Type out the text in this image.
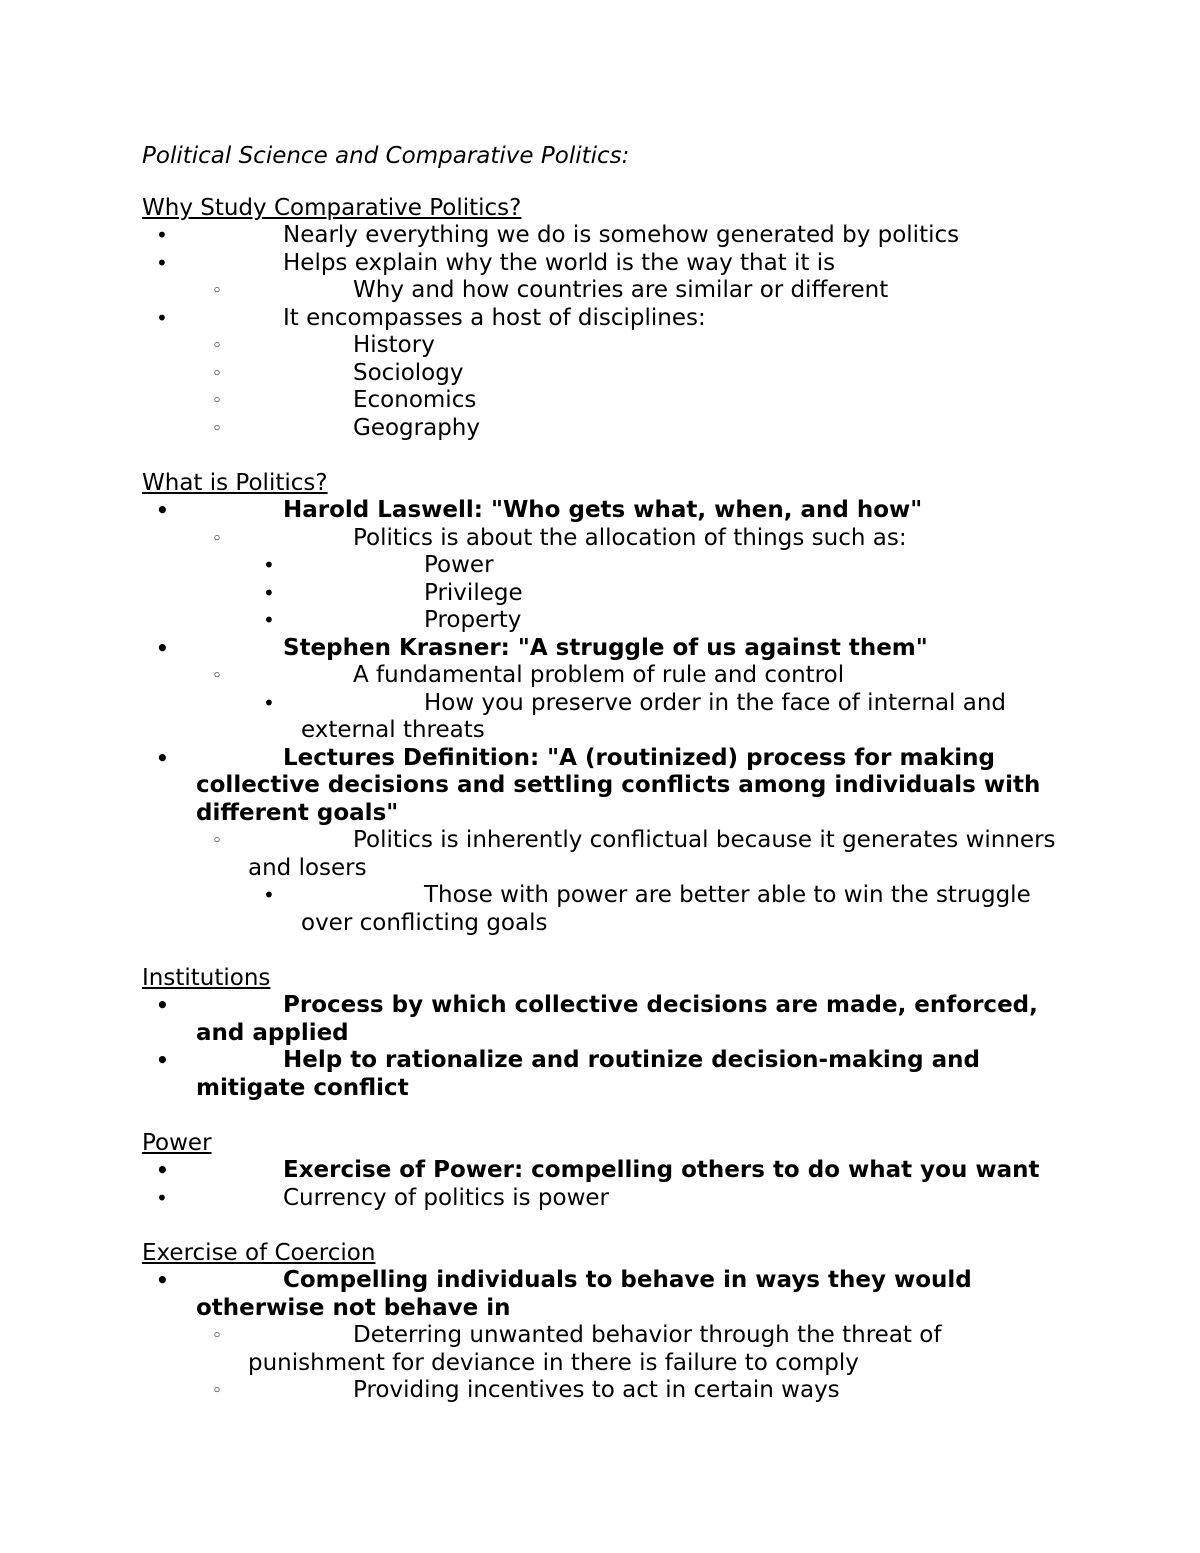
Political Science and Comparative Politics:
Why Study Comparative Politics?
•	Nearly everything we do is somehow generated by politics
•	Helps explain why the world is the way that it is
◦	Why and how countries are similar or different
•	It encompasses a host of disciplines:
◦	History
◦	Sociology
◦	Economics
◦	Geography
What is Politics?
•	Harold Laswell: "Who gets what, when, and how"
◦	Politics is about the allocation of things such as:
•	Power
•	Privilege
•	Property
•	Stephen Krasner: "A struggle of us against them"
◦	A fundamental problem of rule and control
•	How you preserve order in the face of internal and external threats
•	Lectures Definition: "A (routinized) process for making collective decisions and settling conflicts among individuals with different goals"
◦	Politics is inherently conflictual because it generates winners and losers
•	Those with power are better able to win the struggle over conflicting goals
Institutions
•	Process by which collective decisions are made, enforced, and applied
•	Help to rationalize and routinize decision-making and mitigate conflict
Power
•	Exercise of Power: compelling others to do what you want
•	Currency of politics is power
Exercise of Coercion
•	Compelling individuals to behave in ways they would otherwise not behave in
◦	Deterring unwanted behavior through the threat of punishment for deviance in there is failure to comply
◦	Providing incentives to act in certain ways
